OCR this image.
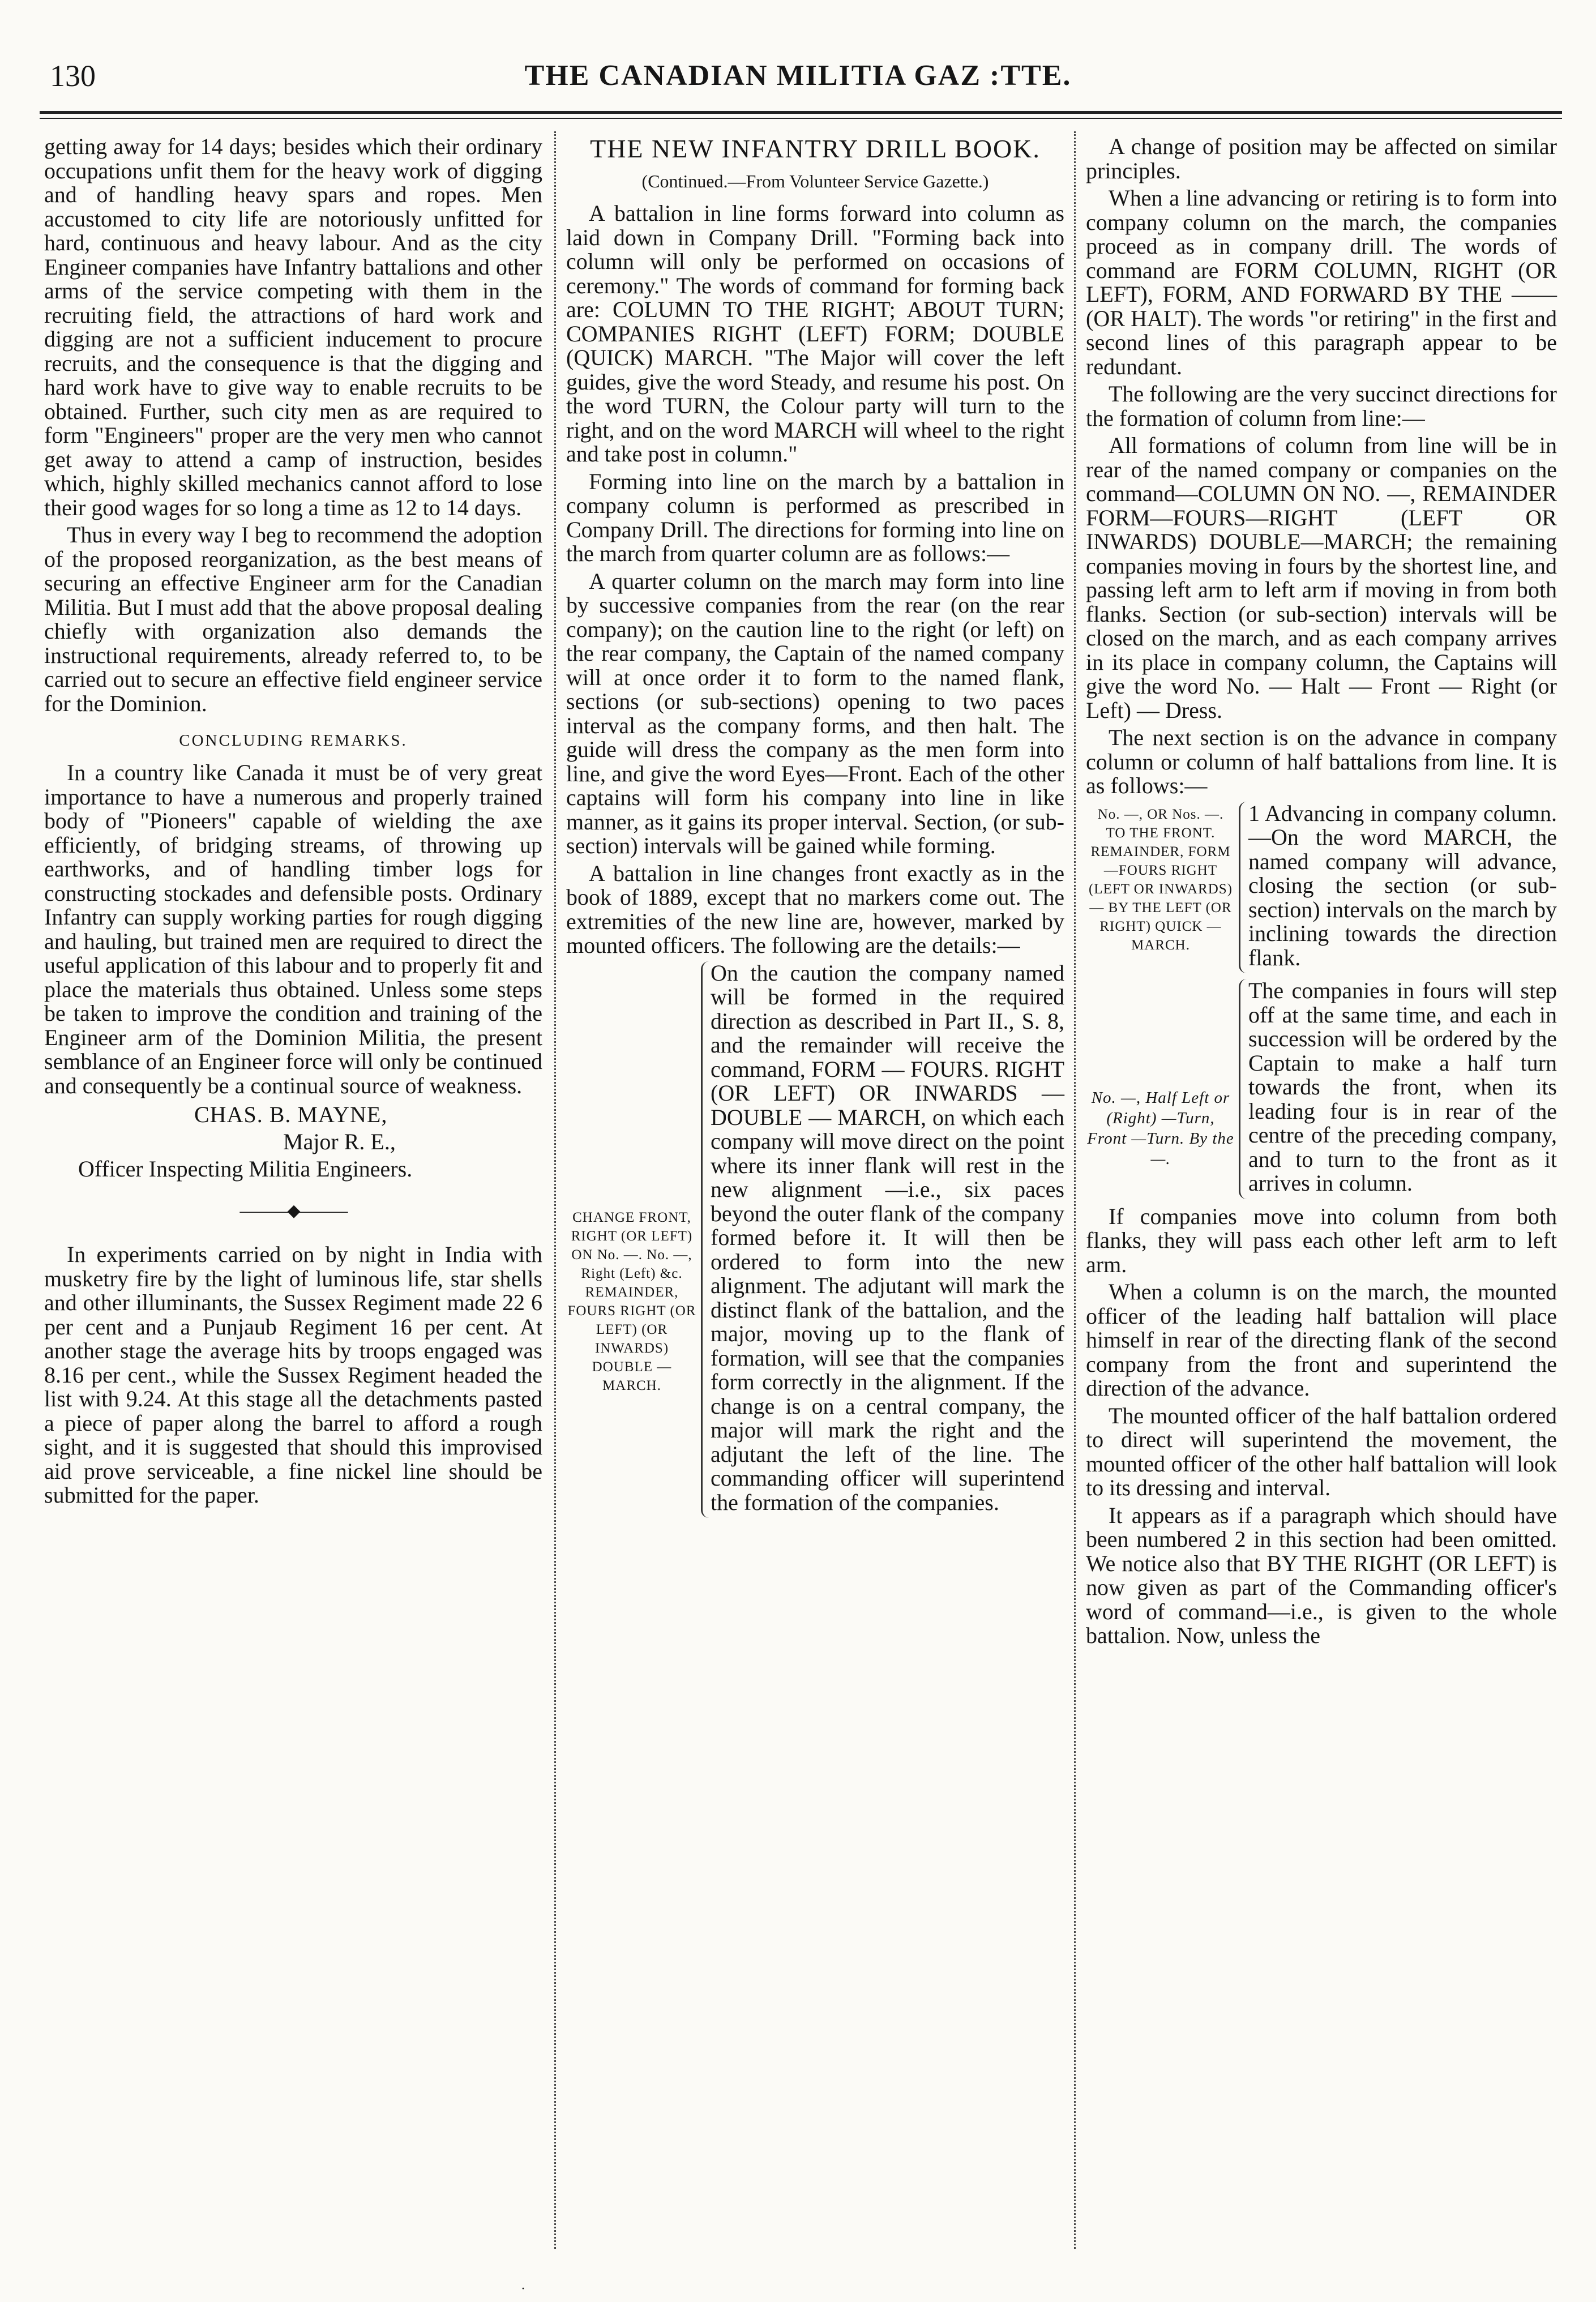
130	THE CANADIAN MILITIA GAZ :TTE.

getting away for 14 days; besides which their ordinary occupations unfit them for the heavy work of digging and of handling heavy spars and ropes. Men accustomed to city life are notoriously unfitted for hard, continuous and heavy labour. And as the city Engineer companies have Infantry battalions and other arms of the service competing with them in the recruiting field, the attractions of hard work and digging are not a sufficient inducement to procure recruits, and the consequence is that the digging and hard work have to give way to enable recruits to be obtained. Further, such city men as are required to form "Engineers" proper are the very men who cannot get away to attend a camp of instruction, besides which, highly skilled mechanics cannot afford to lose their good wages for so long a time as 12 to 14 days.

Thus in every way I beg to recommend the adoption of the proposed reorganization, as the best means of securing an effective Engineer arm for the Canadian Militia. But I must add that the above proposal dealing chiefly with organization also demands the instructional requirements, already referred to, to be carried out to secure an effective field engineer service for the Dominion.

CONCLUDING REMARKS.

In a country like Canada it must be of very great importance to have a numerous and properly trained body of "Pioneers" capable of wielding the axe efficiently, of bridging streams, of throwing up earthworks, and of handling timber logs for constructing stockades and defensible posts. Ordinary Infantry can supply working parties for rough digging and hauling, but trained men are required to direct the useful application of this labour and to properly fit and place the materials thus obtained. Unless some steps be taken to improve the condition and training of the Engineer arm of the Dominion Militia, the present semblance of an Engineer force will only be continued and consequently be a continual source of weakness.

CHAS. B. MAYNE,
Major R. E.,
Officer Inspecting Militia Engineers.
———◆———

In experiments carried on by night in India with musketry fire by the light of luminous life, star shells and other illuminants, the Sussex Regiment made 22 6 per cent and a Punjaub Regiment 16 per cent. At another stage the average hits by troops engaged was 8.16 per cent., while the Sussex Regiment headed the list with 9.24. At this stage all the detachments pasted a piece of paper along the barrel to afford a rough sight, and it is suggested that should this improvised aid prove serviceable, a fine nickel line should be submitted for the paper.

THE NEW INFANTRY DRILL BOOK.
(Continued.—From Volunteer Service Gazette.)

A battalion in line forms forward into column as laid down in Company Drill. "Forming back into column will only be performed on occasions of ceremony." The words of command for forming back are: COLUMN TO THE RIGHT; ABOUT TURN; COMPANIES RIGHT (LEFT) FORM; DOUBLE (QUICK) MARCH. "The Major will cover the left guides, give the word Steady, and resume his post. On the word TURN, the Colour party will turn to the right, and on the word MARCH will wheel to the right and take post in column."

Forming into line on the march by a battalion in company column is performed as prescribed in Company Drill. The directions for forming into line on the march from quarter column are as follows:—

A quarter column on the march may form into line by successive companies from the rear (on the rear company); on the caution line to the right (or left) on the rear company, the Captain of the named company will at once order it to form to the named flank, sections (or sub-sections) opening to two paces interval as the company forms, and then halt. The guide will dress the company as the men form into line, and give the word Eyes—Front. Each of the other captains will form his company into line in like manner, as it gains its proper interval. Section, (or sub-section) intervals will be gained while forming.

A battalion in line changes front exactly as in the book of 1889, except that no markers come out. The extremities of the new line are, however, marked by mounted officers. The following are the details:—

CHANGE FRONT, RIGHT (OR LEFT) ON No. —. No. —, Right (Left) &c. REMAINDER, FOURS RIGHT (OR LEFT) (OR INWARDS) DOUBLE —MARCH.

On the caution the company named will be formed in the required direction as described in Part II., S. 8, and the remainder will receive the command, FORM — FOURS. RIGHT (OR LEFT) OR INWARDS — DOUBLE — MARCH, on which each company will move direct on the point where its inner flank will rest in the new alignment —i.e., six paces beyond the outer flank of the company formed before it. It will then be ordered to form into the new alignment. The adjutant will mark the distinct flank of the battalion, and the major, moving up to the flank of formation, will see that the companies form correctly in the alignment. If the change is on a central company, the major will mark the right and the adjutant the left of the line. The commanding officer will superintend the formation of the companies.

A change of position may be affected on similar principles.

When a line advancing or retiring is to form into company column on the march, the companies proceed as in company drill. The words of command are FORM COLUMN, RIGHT (OR LEFT), FORM, AND FORWARD BY THE —— (OR HALT). The words "or retiring" in the first and second lines of this paragraph appear to be redundant.

The following are the very succinct directions for the formation of column from line:—

All formations of column from line will be in rear of the named company or companies on the command—COLUMN ON NO. —, REMAINDER FORM—FOURS—RIGHT (LEFT OR INWARDS) DOUBLE—MARCH; the remaining companies moving in fours by the shortest line, and passing left arm to left arm if moving in from both flanks. Section (or sub-section) intervals will be closed on the march, and as each company arrives in its place in company column, the Captains will give the word No. — Halt — Front — Right (or Left) — Dress.

The next section is on the advance in company column or column of half battalions from line. It is as follows:—

No. —, OR Nos. —. TO THE FRONT. REMAINDER, FORM—FOURS RIGHT (LEFT OR INWARDS)— BY THE LEFT (OR RIGHT) QUICK — MARCH.

1 Advancing in company column.—On the word MARCH, the named company will advance, closing the section (or sub-section) intervals on the march by inclining towards the direction flank.

No. —, Half Left or (Right) —Turn, Front —Turn. By the —.

The companies in fours will step off at the same time, and each in succession will be ordered by the Captain to make a half turn towards the front, when its leading four is in rear of the centre of the preceding company, and to turn to the front as it arrives in column.

If companies move into column from both flanks, they will pass each other left arm to left arm.

When a column is on the march, the mounted officer of the leading half battalion will place himself in rear of the directing flank of the second company from the front and superintend the direction of the advance.

The mounted officer of the half battalion ordered to direct will superintend the movement, the mounted officer of the other half battalion will look to its dressing and interval.

It appears as if a paragraph which should have been numbered 2 in this section had been omitted. We notice also that BY THE RIGHT (OR LEFT) is now given as part of the Commanding officer's word of command—i.e., is given to the whole battalion. Now, unless the

·
